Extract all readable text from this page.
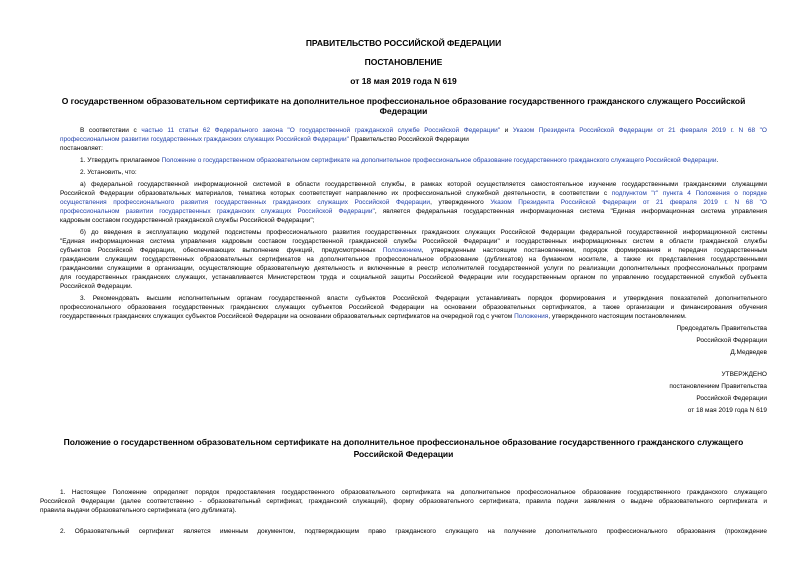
ПРАВИТЕЛЬСТВО РОССИЙСКОЙ ФЕДЕРАЦИИ
ПОСТАНОВЛЕНИЕ
от 18 мая 2019 года N 619
О государственном образовательном сертификате на дополнительное профессиональное образование государственного гражданского служащего Российской
Федерации
В соответствии с частью 11 статьи 62 Федерального закона "О государственной гражданской службе Российской Федерации" и Указом Президента Российской Федерации от 21 февраля 2019 г. N 68 "О
профессиональном развитии государственных гражданских служащих Российской Федерации" Правительство Российской Федерации
постановляет:
1. Утвердить прилагаемое Положение о государственном образовательном сертификате на дополнительное профессиональное образование государственного гражданского служащего Российской Федерации.
2. Установить, что:
а) федеральной государственной информационной системой в области государственной службы, в рамках которой осуществляется самостоятельное изучение государственными гражданскими служащими
Российской Федерации образовательных материалов, тематика которых соответствует направлению их профессиональной служебной деятельности, в соответствии с подпунктом "г" пункта 4 Положения о порядке
осуществления профессионального развития государственных гражданских служащих Российской Федерации, утвержденного Указом Президента Российской Федерации от 21 февраля 2019 г. N 68 "О
профессиональном развитии государственных гражданских служащих Российской Федерации", является федеральная государственная информационная система "Единая информационная система управления
кадровым составом государственной гражданской службы Российской Федерации";
б) до введения в эксплуатацию модулей подсистемы профессионального развития государственных гражданских служащих Российской Федерации федеральной государственной информационной системы
"Единая информационная система управления кадровым составом государственной гражданской службы Российской Федерации" и государственных информационных систем в области гражданской службы
субъектов Российской Федерации, обеспечивающих выполнение функций, предусмотренных Положением, утвержденным настоящим постановлением, порядок формирования и передачи государственным
гражданским служащим государственных образовательных сертификатов на дополнительное профессиональное образование (дубликатов) на бумажном носителе, а также их представления государственными
гражданскими служащими в организации, осуществляющие образовательную деятельность и включенные в реестр исполнителей государственной услуги по реализации дополнительных профессиональных программ
для государственных гражданских служащих, устанавливается Министерством труда и социальной защиты Российской Федерации или государственным органом по управлению государственной службой субъекта
Российской Федерации.
3. Рекомендовать высшим исполнительным органам государственной власти субъектов Российской Федерации устанавливать порядок формирования и утверждения показателей дополнительного
профессионального образования государственных гражданских служащих субъектов Российской Федерации на основании образовательных сертификатов, а также организации и финансирования обучения
государственных гражданских служащих субъектов Российской Федерации на основании образовательных сертификатов на очередной год с учетом Положения, утвержденного настоящим постановлением.
Председатель Правительства
Российской Федерации
Д.Медведев
УТВЕРЖДЕНО
постановлением Правительства
Российской Федерации
от 18 мая 2019 года N 619
Положение о государственном образовательном сертификате на дополнительное профессиональное образование государственного гражданского служащего
Российской Федерации
1. Настоящее Положение определяет порядок предоставления государственного образовательного сертификата на дополнительное профессиональное образование государственного гражданского служащего
Российской Федерации (далее соответственно - образовательный сертификат, гражданский служащий), форму образовательного сертификата, правила подачи заявления о выдаче образовательного сертификата и
правила выдачи образовательного сертификата (его дубликата).
2. Образовательный сертификат является именным документом, подтверждающим право гражданского служащего на получение дополнительного профессионального образования (прохождение
